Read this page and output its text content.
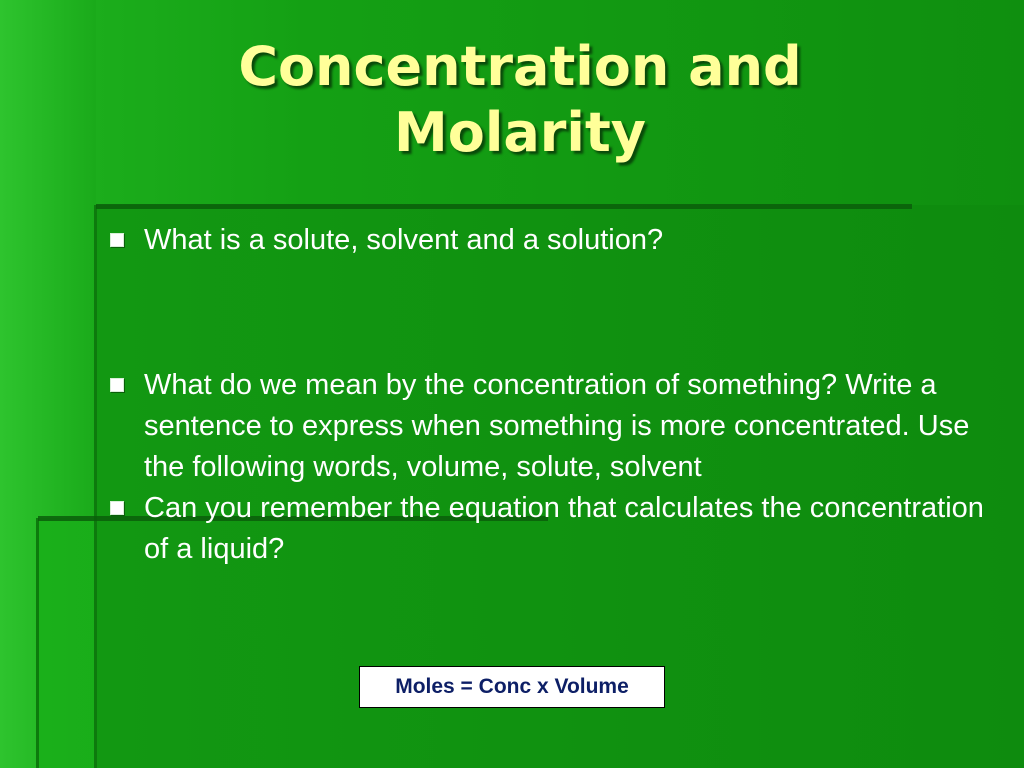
Concentration and
Molarity
What is a solute, solvent and a solution?
What do we mean by the concentration of something? Write a sentence to express when something is more concentrated. Use the following words, volume, solute, solvent
Can you remember the equation that calculates the concentration of a liquid?
Moles = Conc x Volume
